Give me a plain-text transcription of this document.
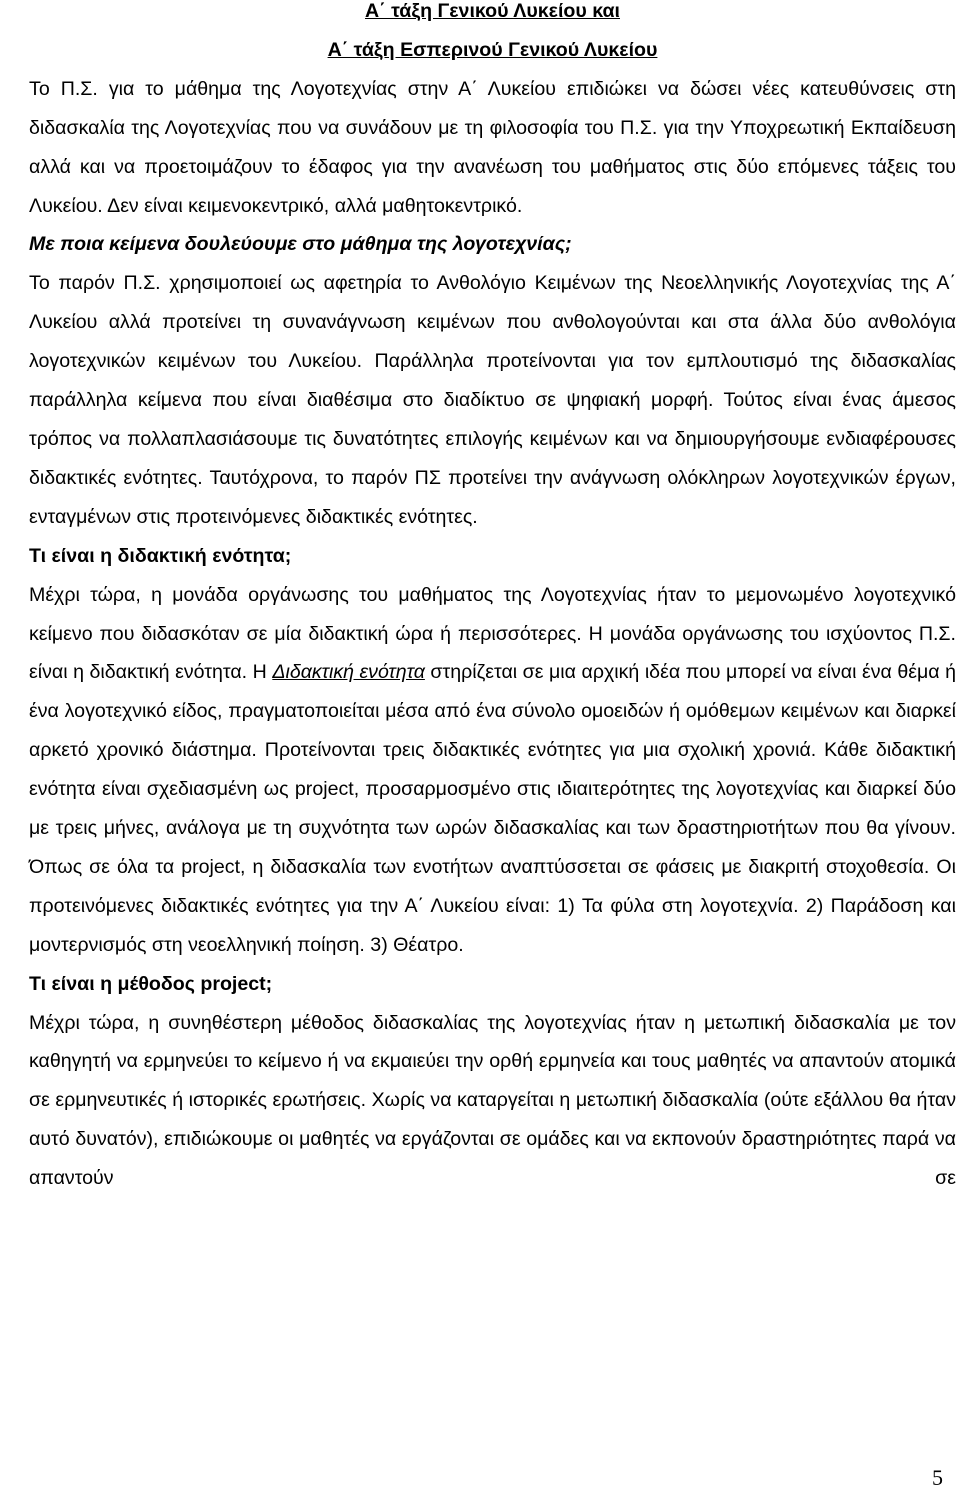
Α΄ τάξη Γενικού Λυκείου και
Α΄ τάξη Εσπερινού Γενικού Λυκείου

Το Π.Σ. για το μάθημα της Λογοτεχνίας στην Α΄ Λυκείου επιδιώκει να δώσει νέες κατευθύνσεις στη διδασκαλία της Λογοτεχνίας που να συνάδουν με τη φιλοσοφία του Π.Σ. για την Υποχρεωτική Εκπαίδευση αλλά και να προετοιμάζουν το έδαφος για την ανανέωση του μαθήματος στις δύο επόμενες τάξεις του Λυκείου. Δεν είναι κειμενοκεντρικό, αλλά μαθητοκεντρικό.

Με ποια κείμενα δουλεύουμε στο μάθημα της λογοτεχνίας;

Το παρόν Π.Σ. χρησιμοποιεί ως αφετηρία το Ανθολόγιο Κειμένων της Νεοελληνικής Λογοτεχνίας της Α΄ Λυκείου αλλά προτείνει τη συνανάγνωση κειμένων που ανθολογούνται και στα άλλα δύο ανθολόγια λογοτεχνικών κειμένων του Λυκείου. Παράλληλα προτείνονται για τον εμπλουτισμό της διδασκαλίας παράλληλα κείμενα που είναι διαθέσιμα στο διαδίκτυο σε ψηφιακή μορφή. Τούτος είναι ένας άμεσος τρόπος να πολλαπλασιάσουμε τις δυνατότητες επιλογής κειμένων και να δημιουργήσουμε ενδιαφέρουσες διδακτικές ενότητες. Ταυτόχρονα, το παρόν ΠΣ προτείνει την ανάγνωση ολόκληρων λογοτεχνικών έργων, ενταγμένων στις προτεινόμενες διδακτικές ενότητες.

Τι είναι η διδακτική ενότητα;

Μέχρι τώρα, η μονάδα οργάνωσης του μαθήματος της Λογοτεχνίας ήταν το μεμονωμένο λογοτεχνικό κείμενο που διδασκόταν σε μία διδακτική ώρα ή περισσότερες. Η μονάδα οργάνωσης του ισχύοντος Π.Σ. είναι η διδακτική ενότητα. Η Διδακτική ενότητα στηρίζεται σε μια αρχική ιδέα που μπορεί να είναι ένα θέμα ή ένα λογοτεχνικό είδος, πραγματοποιείται μέσα από ένα σύνολο ομοειδών ή ομόθεμων κειμένων και διαρκεί αρκετό χρονικό διάστημα. Προτείνονται τρεις διδακτικές ενότητες για μια σχολική χρονιά. Κάθε διδακτική ενότητα είναι σχεδιασμένη ως project, προσαρμοσμένο στις ιδιαιτερότητες της λογοτεχνίας και διαρκεί δύο με τρεις μήνες, ανάλογα με τη συχνότητα των ωρών διδασκαλίας και των δραστηριοτήτων που θα γίνουν. Όπως σε όλα τα project, η διδασκαλία των ενοτήτων αναπτύσσεται σε φάσεις με διακριτή στοχοθεσία. Οι προτεινόμενες διδακτικές ενότητες για την Α΄ Λυκείου είναι: 1) Τα φύλα στη λογοτεχνία. 2) Παράδοση και μοντερνισμός στη νεοελληνική ποίηση. 3) Θέατρο.

Τι είναι η μέθοδος project;

Μέχρι τώρα, η συνηθέστερη μέθοδος διδασκαλίας της λογοτεχνίας ήταν η μετωπική διδασκαλία με τον καθηγητή να ερμηνεύει το κείμενο ή να εκμαιεύει την ορθή ερμηνεία και τους μαθητές να απαντούν ατομικά σε ερμηνευτικές ή ιστορικές ερωτήσεις. Χωρίς να καταργείται η μετωπική διδασκαλία (ούτε εξάλλου θα ήταν αυτό δυνατόν), επιδιώκουμε οι μαθητές να εργάζονται σε ομάδες και να εκπονούν δραστηριότητες παρά να απαντούν σε

5
